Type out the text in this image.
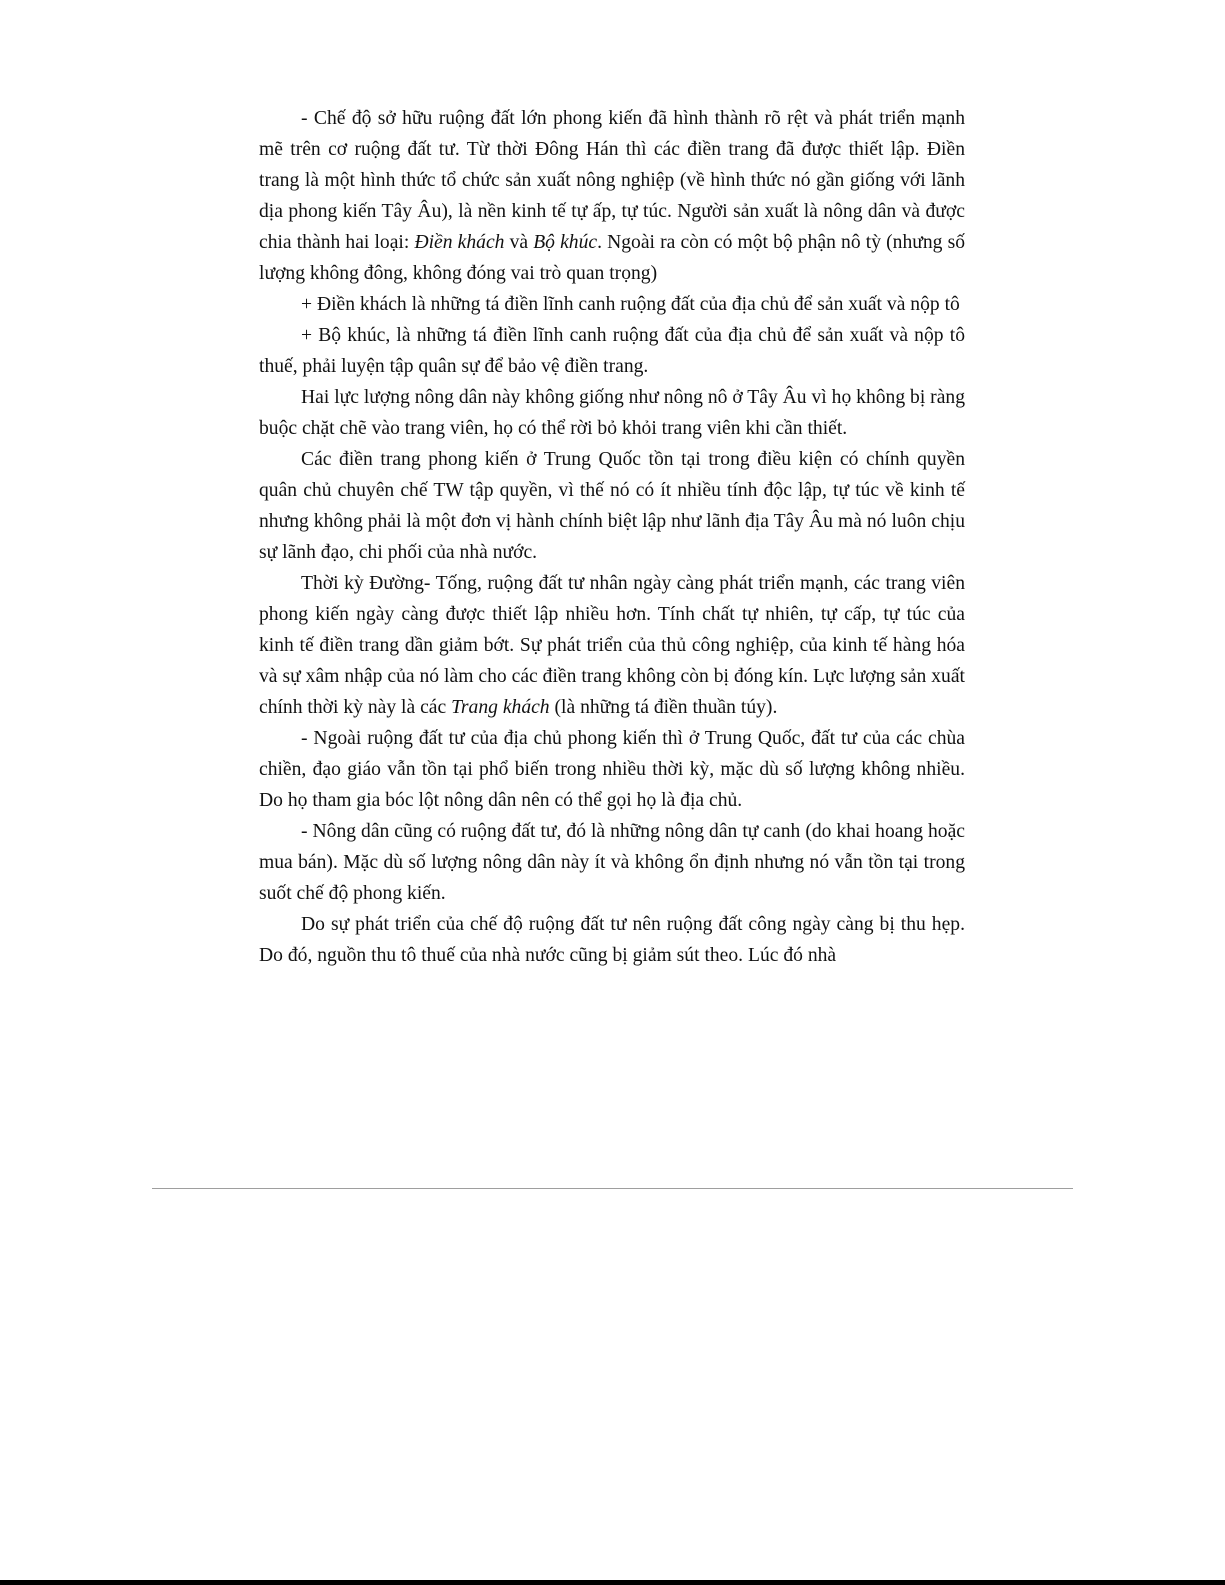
- Chế độ sở hữu ruộng đất lớn phong kiến đã hình thành rõ rệt và phát triển mạnh mẽ trên cơ ruộng đất tư. Từ thời Đông Hán thì các điền trang đã được thiết lập. Điền trang là một hình thức tổ chức sản xuất nông nghiệp (về hình thức nó gần giống với lãnh dịa phong kiến Tây Âu), là nền kinh tế tự ấp, tự túc. Người sản xuất là nông dân và được chia thành hai loại: Điền khách và Bộ khúc. Ngoài ra còn có một bộ phận nô tỳ (nhưng số lượng không đông, không đóng vai trò quan trọng)

+ Điền khách là những tá điền lĩnh canh ruộng đất của địa chủ để sản xuất và nộp tô

+ Bộ khúc, là những tá điền lĩnh canh ruộng đất của địa chủ để sản xuất và nộp tô thuế, phải luyện tập quân sự để bảo vệ điền trang.

Hai lực lượng nông dân này không giống như nông nô ở Tây Âu vì họ không bị ràng buộc chặt chẽ vào trang viên, họ có thể rời bỏ khỏi trang viên khi cần thiết.

Các điền trang phong kiến ở Trung Quốc tồn tại trong điều kiện có chính quyền quân chủ chuyên chế TW tập quyền, vì thế nó có ít nhiều tính độc lập, tự túc về kinh tế nhưng không phải là một đơn vị hành chính biệt lập như lãnh địa Tây Âu mà nó luôn chịu sự lãnh đạo, chi phối của nhà nước.

Thời kỳ Đường- Tống, ruộng đất tư nhân ngày càng phát triển mạnh, các trang viên phong kiến ngày càng được thiết lập nhiều hơn. Tính chất tự nhiên, tự cấp, tự túc của kinh tế điền trang dần giảm bớt. Sự phát triển của thủ công nghiệp, của kinh tế hàng hóa và sự xâm nhập của nó làm cho các điền trang không còn bị đóng kín. Lực lượng sản xuất chính thời kỳ này là các Trang khách (là những tá điền thuần túy).

- Ngoài ruộng đất tư của địa chủ phong kiến thì ở Trung Quốc, đất tư của các chùa chiền, đạo giáo vẫn tồn tại phổ biến trong nhiều thời kỳ, mặc dù số lượng không nhiều. Do họ tham gia bóc lột nông dân nên có thể gọi họ là địa chủ.

- Nông dân cũng có ruộng đất tư, đó là những nông dân tự canh (do khai hoang hoặc mua bán). Mặc dù số lượng nông dân này ít và không ổn định nhưng nó vẫn tồn tại trong suốt chế độ phong kiến.

Do sự phát triển của chế độ ruộng đất tư nên ruộng đất công ngày càng bị thu hẹp. Do đó, nguồn thu tô thuế của nhà nước cũng bị giảm sút theo. Lúc đó nhà
